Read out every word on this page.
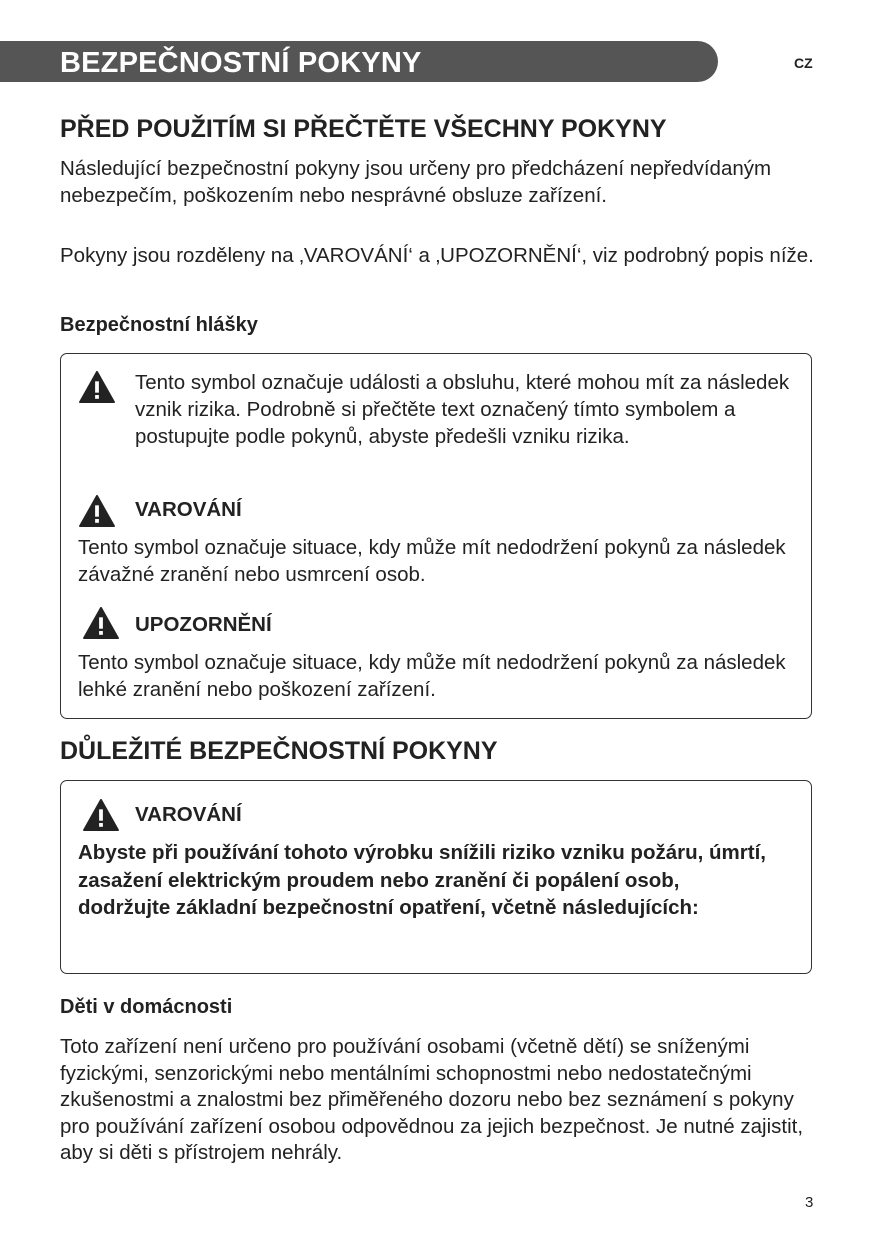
BEZPEČNOSTNÍ POKYNY	CZ
PŘED POUŽITÍM SI PŘEČTĚTE VŠECHNY POKYNY

Následující bezpečnostní pokyny jsou určeny pro předcházení nepředvídaným nebezpečím, poškozením nebo nesprávné obsluze zařízení.

Pokyny jsou rozděleny na ‚VAROVÁNÍ‘ a ‚UPOZORNĚNÍ‘, viz podrobný popis níže.

Bezpečnostní hlášky

Tento symbol označuje události a obsluhu, které mohou mít za následek vznik rizika. Podrobně si přečtěte text označený tímto symbolem a postupujte podle pokynů, abyste předešli vzniku rizika.

VAROVÁNÍ

Tento symbol označuje situace, kdy může mít nedodržení pokynů za následek závažné zranění nebo usmrcení osob.

UPOZORNĚNÍ

Tento symbol označuje situace, kdy může mít nedodržení pokynů za následek lehké zranění nebo poškození zařízení.

DŮLEŽITÉ BEZPEČNOSTNÍ POKYNY

VAROVÁNÍ

Abyste při používání tohoto výrobku snížili riziko vzniku požáru, úmrtí, zasažení elektrickým proudem nebo zranění či popálení osob, dodržujte základní bezpečnostní opatření, včetně následujících:

Děti v domácnosti

Toto zařízení není určeno pro používání osobami (včetně dětí) se sníženými fyzickými, senzorickými nebo mentálními schopnostmi nebo nedostatečnými zkušenostmi a znalostmi bez přiměřeného dozoru nebo bez seznámení s pokyny pro používání zařízení osobou odpovědnou za jejich bezpečnost. Je nutné zajistit, aby si děti s přístrojem nehrály.

3
